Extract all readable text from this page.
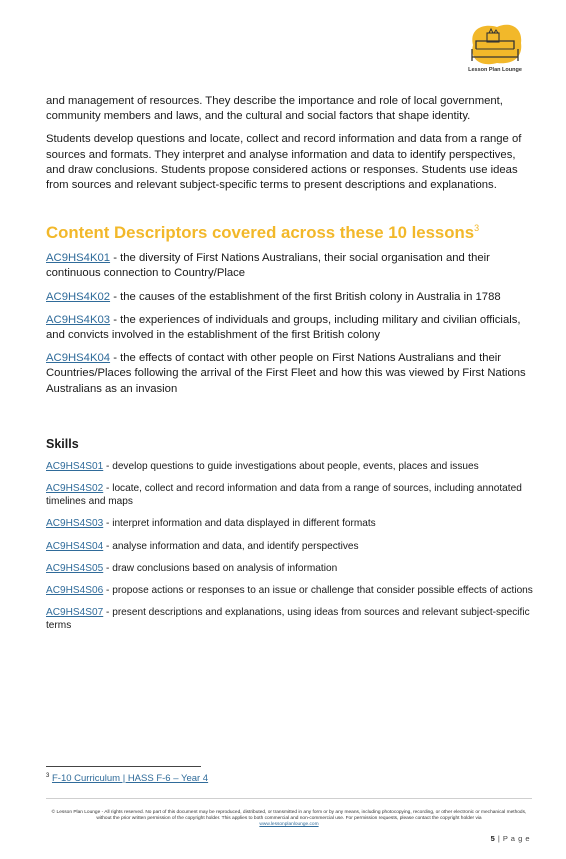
Lesson Plan Lounge

and management of resources. They describe the importance and role of local government, community members and laws, and the cultural and social factors that shape identity.

Students develop questions and locate, collect and record information and data from a range of sources and formats. They interpret and analyse information and data to identify perspectives, and draw conclusions. Students propose considered actions or responses. Students use ideas from sources and relevant subject-specific terms to present descriptions and explanations.

Content Descriptors covered across these 10 lessons$^3$

AC9HS4K01 - the diversity of First Nations Australians, their social organisation and their continuous connection to Country/Place

AC9HS4K02 - the causes of the establishment of the first British colony in Australia in 1788

AC9HS4K03 - the experiences of individuals and groups, including military and civilian officials, and convicts involved in the establishment of the first British colony

AC9HS4K04 - the effects of contact with other people on First Nations Australians and their Countries/Places following the arrival of the First Fleet and how this was viewed by First Nations Australians as an invasion

Skills

AC9HS4S01 - develop questions to guide investigations about people, events, places and issues

AC9HS4S02 - locate, collect and record information and data from a range of sources, including annotated timelines and maps

AC9HS4S03 - interpret information and data displayed in different formats

AC9HS4S04 - analyse information and data, and identify perspectives

AC9HS4S05 - draw conclusions based on analysis of information

AC9HS4S06 - propose actions or responses to an issue or challenge that consider possible effects of actions

AC9HS4S07 - present descriptions and explanations, using ideas from sources and relevant subject-specific terms

$^3$ F-10 Curriculum | HASS F-6 – Year 4
© Lesson Plan Lounge - All rights reserved. No part of this document may be reproduced, distributed, or transmitted in any form or by any means, including photocopying, recording, or other electronic or mechanical methods, without the prior written permission of the copyright holder. This applies to both commercial and non-commercial use. For permission requests, please contact the copyright holder via
www.lessonplanlounge.com
5 | P a g e
